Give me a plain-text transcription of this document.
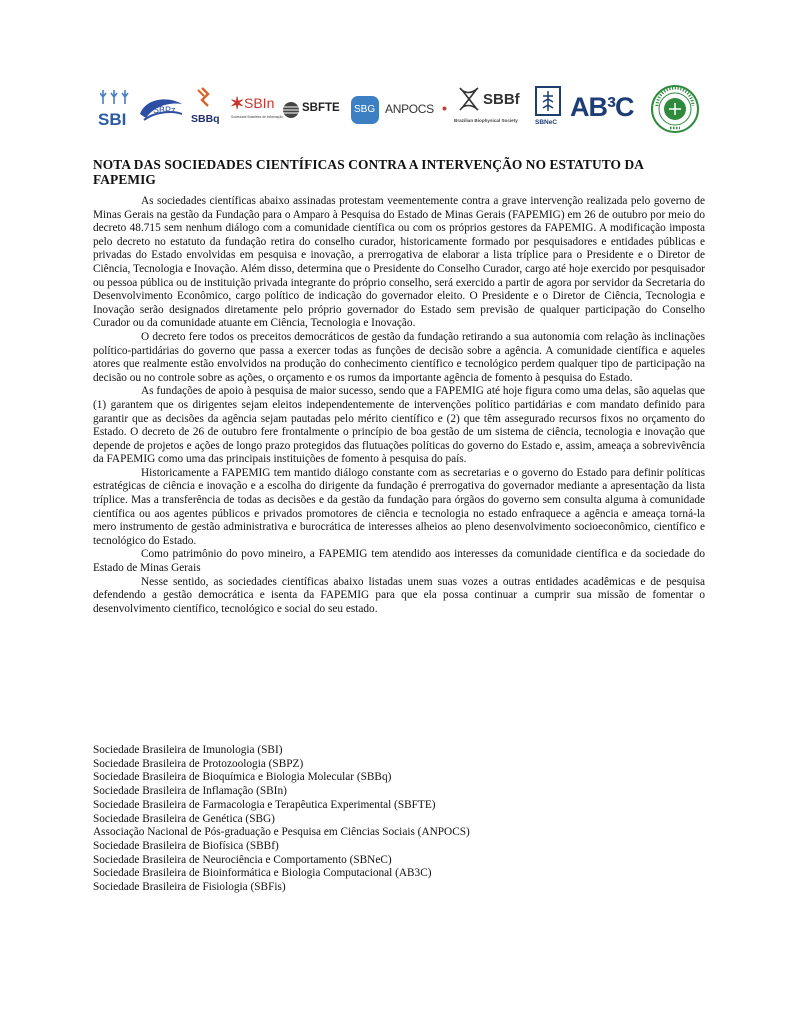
SBI	SBPz
SBBq
✶ SBIn
Sociedade Brasileira de Inflamação
SBFTE SBG ANPOCS • SBBf
Brazilian Biophysical Society	SBNeC
AB³C
NOTA DAS SOCIEDADES CIENTÍFICAS CONTRA A INTERVENÇÃO NO ESTATUTO DA FAPEMIG

As sociedades científicas abaixo assinadas protestam veementemente contra a grave intervenção realizada pelo governo de Minas Gerais na gestão da Fundação para o Amparo à Pesquisa do Estado de Minas Gerais (FAPEMIG) em 26 de outubro por meio do decreto 48.715 sem nenhum diálogo com a comunidade científica ou com os próprios gestores da FAPEMIG. A modificação imposta pelo decreto no estatuto da fundação retira do conselho curador, historicamente formado por pesquisadores e entidades públicas e privadas do Estado envolvidas em pesquisa e inovação, a prerrogativa de elaborar a lista tríplice para o Presidente e o Diretor de Ciência, Tecnologia e Inovação. Além disso, determina que o Presidente do Conselho Curador, cargo até hoje exercido por pesquisador ou pessoa pública ou de instituição privada integrante do próprio conselho, será exercido a partir de agora por servidor da Secretaria do Desenvolvimento Econômico, cargo político de indicação do governador eleito. O Presidente e o Diretor de Ciência, Tecnologia e Inovação serão designados diretamente pelo próprio governador do Estado sem previsão de qualquer participação do Conselho Curador ou da comunidade atuante em Ciência, Tecnologia e Inovação.

O decreto fere todos os preceitos democráticos de gestão da fundação retirando a sua autonomia com relação às inclinações político-partidárias do governo que passa a exercer todas as funções de decisão sobre a agência. A comunidade científica e aqueles atores que realmente estão envolvidos na produção do conhecimento científico e tecnológico perdem qualquer tipo de participação na decisão ou no controle sobre as ações, o orçamento e os rumos da importante agência de fomento à pesquisa do Estado.

As fundações de apoio à pesquisa de maior sucesso, sendo que a FAPEMIG até hoje figura como uma delas, são aquelas que (1) garantem que os dirigentes sejam eleitos independentemente de intervenções político partidárias e com mandato definido para garantir que as decisões da agência sejam pautadas pelo mérito científico e (2) que têm assegurado recursos fixos no orçamento do Estado. O decreto de 26 de outubro fere frontalmente o princípio de boa gestão de um sistema de ciência, tecnologia e inovação que depende de projetos e ações de longo prazo protegidos das flutuações políticas do governo do Estado e, assim, ameaça a sobrevivência da FAPEMIG como uma das principais instituições de fomento à pesquisa do país.

Historicamente a FAPEMIG tem mantido diálogo constante com as secretarias e o governo do Estado para definir políticas estratégicas de ciência e inovação e a escolha do dirigente da fundação é prerrogativa do governador mediante a apresentação da lista tríplice. Mas a transferência de todas as decisões e da gestão da fundação para órgãos do governo sem consulta alguma à comunidade científica ou aos agentes públicos e privados promotores de ciência e tecnologia no estado enfraquece a agência e ameaça torná-la mero instrumento de gestão administrativa e burocrática de interesses alheios ao pleno desenvolvimento socioeconômico, científico e tecnológico do Estado.

Como patrimônio do povo mineiro, a FAPEMIG tem atendido aos interesses da comunidade científica e da sociedade do Estado de Minas Gerais

Nesse sentido, as sociedades científicas abaixo listadas unem suas vozes a outras entidades acadêmicas e de pesquisa defendendo a gestão democrática e isenta da FAPEMIG para que ela possa continuar a cumprir sua missão de fomentar o desenvolvimento científico, tecnológico e social do seu estado.

Sociedade Brasileira de Imunologia (SBI)
Sociedade Brasileira de Protozoologia (SBPZ)
Sociedade Brasileira de Bioquímica e Biologia Molecular (SBBq)
Sociedade Brasileira de Inflamação (SBIn)
Sociedade Brasileira de Farmacologia e Terapêutica Experimental (SBFTE)
Sociedade Brasileira de Genética (SBG)
Associação Nacional de Pós-graduação e Pesquisa em Ciências Sociais (ANPOCS)
Sociedade Brasileira de Biofísica (SBBf)
Sociedade Brasileira de Neurociência e Comportamento (SBNeC)
Sociedade Brasileira de Bioinformática e Biologia Computacional (AB3C)
Sociedade Brasileira de Fisiologia (SBFis)
